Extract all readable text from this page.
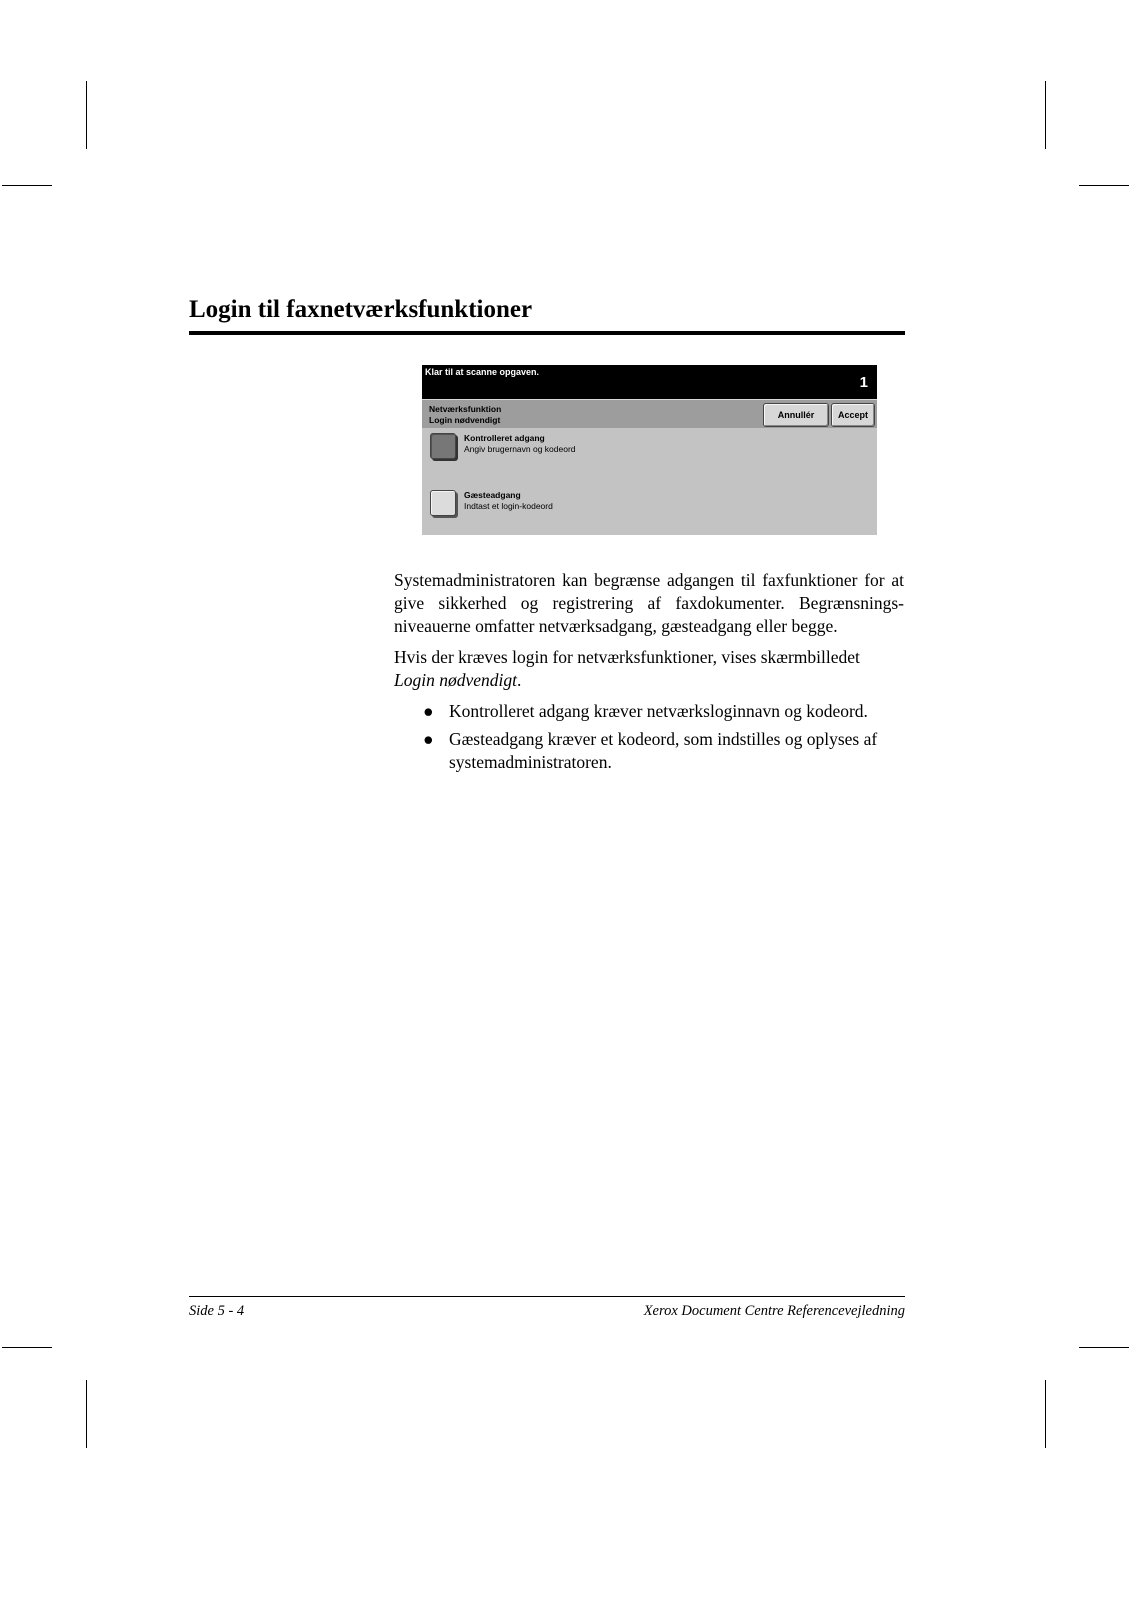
Login til faxnetværksfunktioner
Klar til at scanne opgaven.
1
Netværksfunktion
Login nødvendigt	Annullér	Accept
Kontrolleret adgang
Angiv brugernavn og kodeord
Gæsteadgang
Indtast et login-kodeord

Systemadministratoren kan begrænse adgangen til faxfunktioner for at give sikkerhed og registrering af faxdokumenter. Begrænsningsniveauerne omfatter netværksadgang, gæsteadgang eller begge.

Hvis der kræves login for netværksfunktioner, vises skærmbilledet Login nødvendigt.

● Kontrolleret adgang kræver netværksloginnavn og kodeord.
● Gæsteadgang kræver et kodeord, som indstilles og oplyses af systemadministratoren.
Side 5 - 4	Xerox Document Centre Referencevejledning
